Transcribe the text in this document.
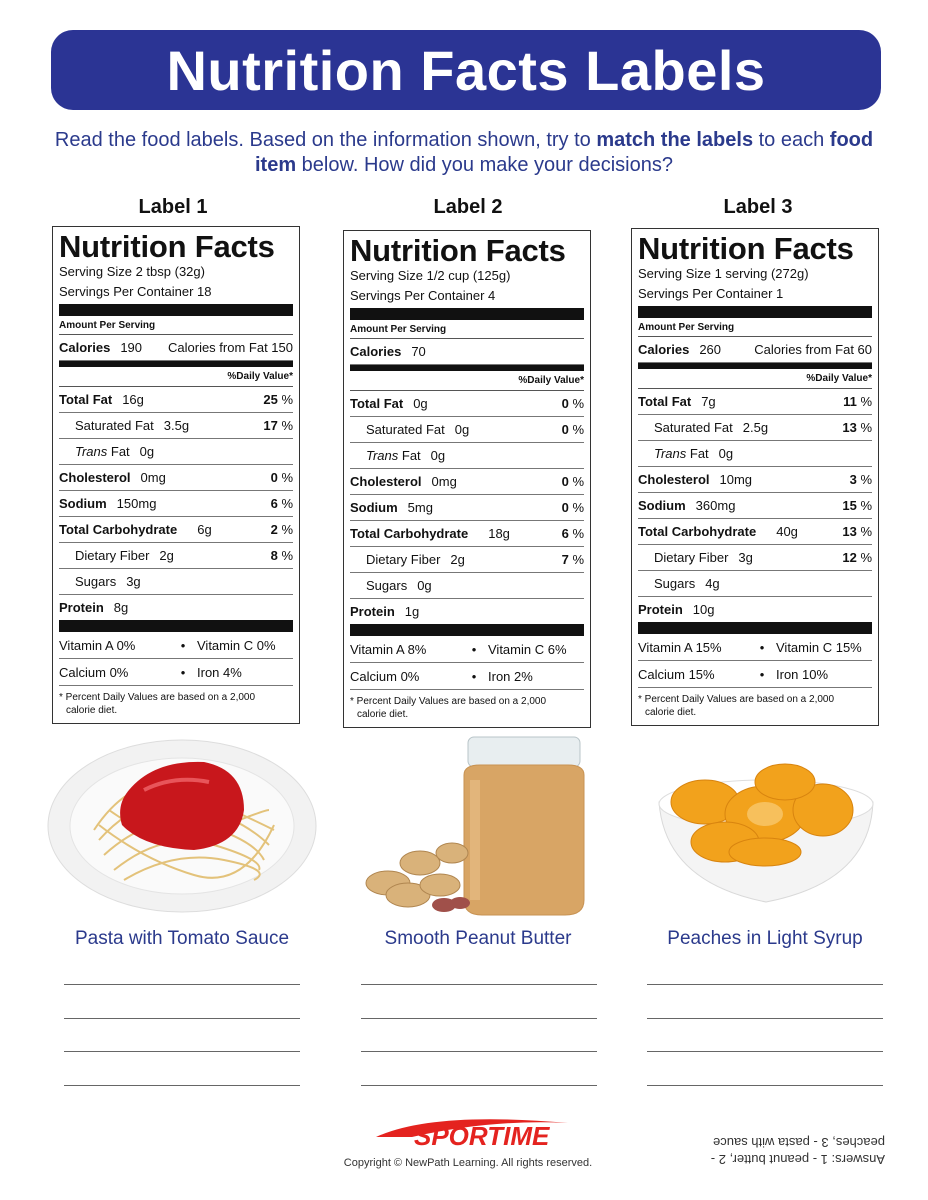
Nutrition Facts Labels
Read the food labels. Based on the information shown, try to match the labels to each food item below. How did you make your decisions?
Label 1	Label 2	Label 3
Nutrition Facts
Serving Size 2 tbsp (32g)
Servings Per Container 18
Amount Per Serving
Calories 190 Calories from Fat 150
%Daily Value*
Total Fat 16g	25 %
Saturated Fat 3.5g	17 %
Trans Fat 0g
Cholesterol 0mg	0 %
Sodium 150mg	6 %
Total Carbohydrate 6g	2 %
Dietary Fiber 2g	8 %
Sugars 3g
Protein 8g
Vitamin A 0%	• Vitamin C 0%
Calcium 0%	• Iron 4%
* Percent Daily Values are based on a 2,000
calorie diet.
Nutrition Facts
Serving Size 1/2 cup (125g)
Servings Per Container 4
Amount Per Serving
Calories 70
%Daily Value*
Total Fat 0g	0 %
Saturated Fat 0g	0 %
Trans Fat 0g
Cholesterol 0mg	0 %
Sodium 5mg	0 %
Total Carbohydrate 18g	6 %
Dietary Fiber 2g	7 %
Sugars 0g
Protein 1g
Vitamin A 8%	• Vitamin C 6%
Calcium 0%	• Iron 2%
* Percent Daily Values are based on a 2,000
calorie diet.
Nutrition Facts
Serving Size 1 serving (272g)
Servings Per Container 1
Amount Per Serving
Calories 260	Calories from Fat 60
%Daily Value*
Total Fat 7g	11 %
Saturated Fat 2.5g	13 %
Trans Fat 0g
Cholesterol 10mg	3 %
Sodium 360mg	15 %
Total Carbohydrate 40g	13 %
Dietary Fiber 3g	12 %
Sugars 4g
Protein 10g
Vitamin A 15%	• Vitamin C 15%
Calcium 15%	• Iron 10%
* Percent Daily Values are based on a 2,000
calorie diet.
Pasta with Tomato Sauce	Smooth Peanut Butter	Peaches in Light Syrup
SPORTIME
Copyright © NewPath Learning. All rights reserved.	Answers: 1 - peanut butter, 2 - peaches, 3 - pasta with sauce
